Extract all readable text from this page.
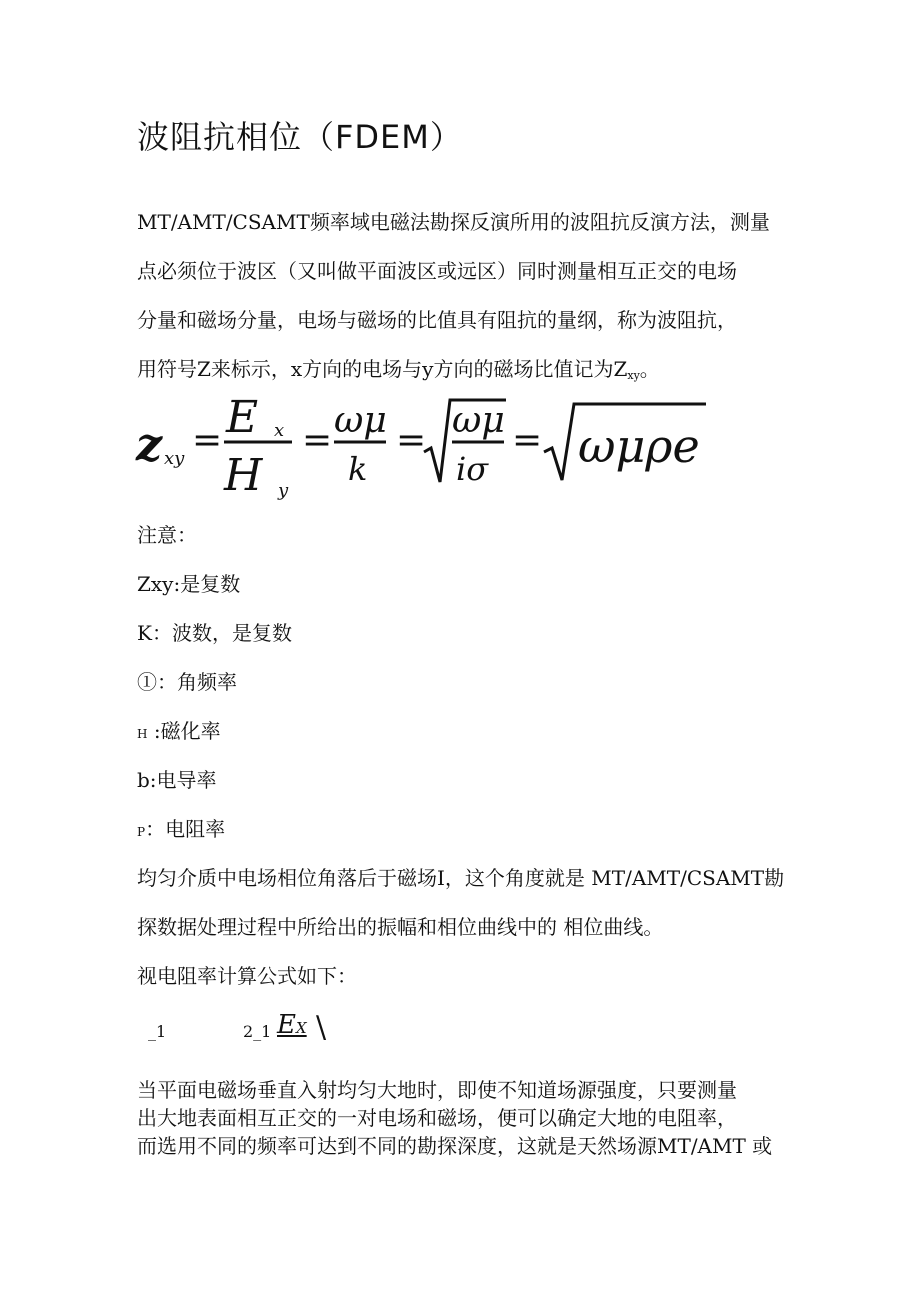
波阻抗相位（FDEM）
MT/AMT/CSAMT频率域电磁法勘探反演所用的波阻抗反演方法，测量
点必须位于波区（又叫做平面波区或远区）同时测量相互正交的电场
分量和磁场分量，电场与磁场的比值具有阻抗的量纲，称为波阻抗，
用符号Z来标示，x方向的电场与y方向的磁场比值记为$Z_{xy}$。
z xy = E x
H y
= ωμ
k
= ωμ
iσ
= ωμρe
注意：
Zxy:是复数
K：波数，是复数
①：角频率
H :磁化率
b:电导率
P：电阻率
均匀介质中电场相位角落后于磁场I，这个角度就是 MT/AMT/CSAMT勘
探数据处理过程中所给出的振幅和相位曲线中的 相位曲线。
视电阻率计算公式如下：
_1	2_1 EX \
当平面电磁场垂直入射均匀大地时，即使不知道场源强度，只要测量
出大地表面相互正交的一对电场和磁场，便可以确定大地的电阻率，
而选用不同的频率可达到不同的勘探深度，这就是天然场源MT/AMT 或
